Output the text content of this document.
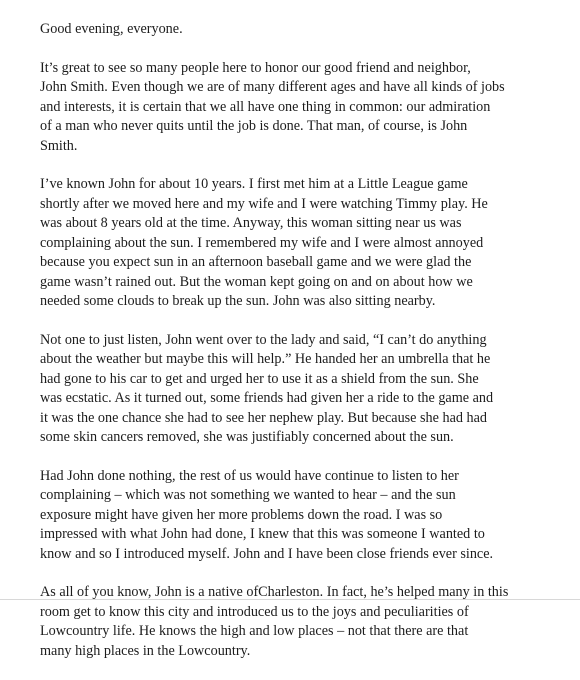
Good evening, everyone.

It’s great to see so many people here to honor our good friend and neighbor,
John Smith. Even though we are of many different ages and have all kinds of jobs
and interests, it is certain that we all have one thing in common: our admiration
of a man who never quits until the job is done. That man, of course, is John
Smith.

I’ve known John for about 10 years. I first met him at a Little League game
shortly after we moved here and my wife and I were watching Timmy play. He
was about 8 years old at the time. Anyway, this woman sitting near us was
complaining about the sun. I remembered my wife and I were almost annoyed
because you expect sun in an afternoon baseball game and we were glad the
game wasn’t rained out. But the woman kept going on and on about how we
needed some clouds to break up the sun. John was also sitting nearby.

Not one to just listen, John went over to the lady and said, “I can’t do anything
about the weather but maybe this will help.” He handed her an umbrella that he
had gone to his car to get and urged her to use it as a shield from the sun. She
was ecstatic. As it turned out, some friends had given her a ride to the game and
it was the one chance she had to see her nephew play. But because she had had
some skin cancers removed, she was justifiably concerned about the sun.

Had John done nothing, the rest of us would have continue to listen to her
complaining – which was not something we wanted to hear – and the sun
exposure might have given her more problems down the road. I was so
impressed with what John had done, I knew that this was someone I wanted to
know and so I introduced myself. John and I have been close friends ever since.

As all of you know, John is a native ofCharleston. In fact, he’s helped many in this
room get to know this city and introduced us to the joys and peculiarities of
Lowcountry life. He knows the high and low places – not that there are that
many high places in the Lowcountry.
